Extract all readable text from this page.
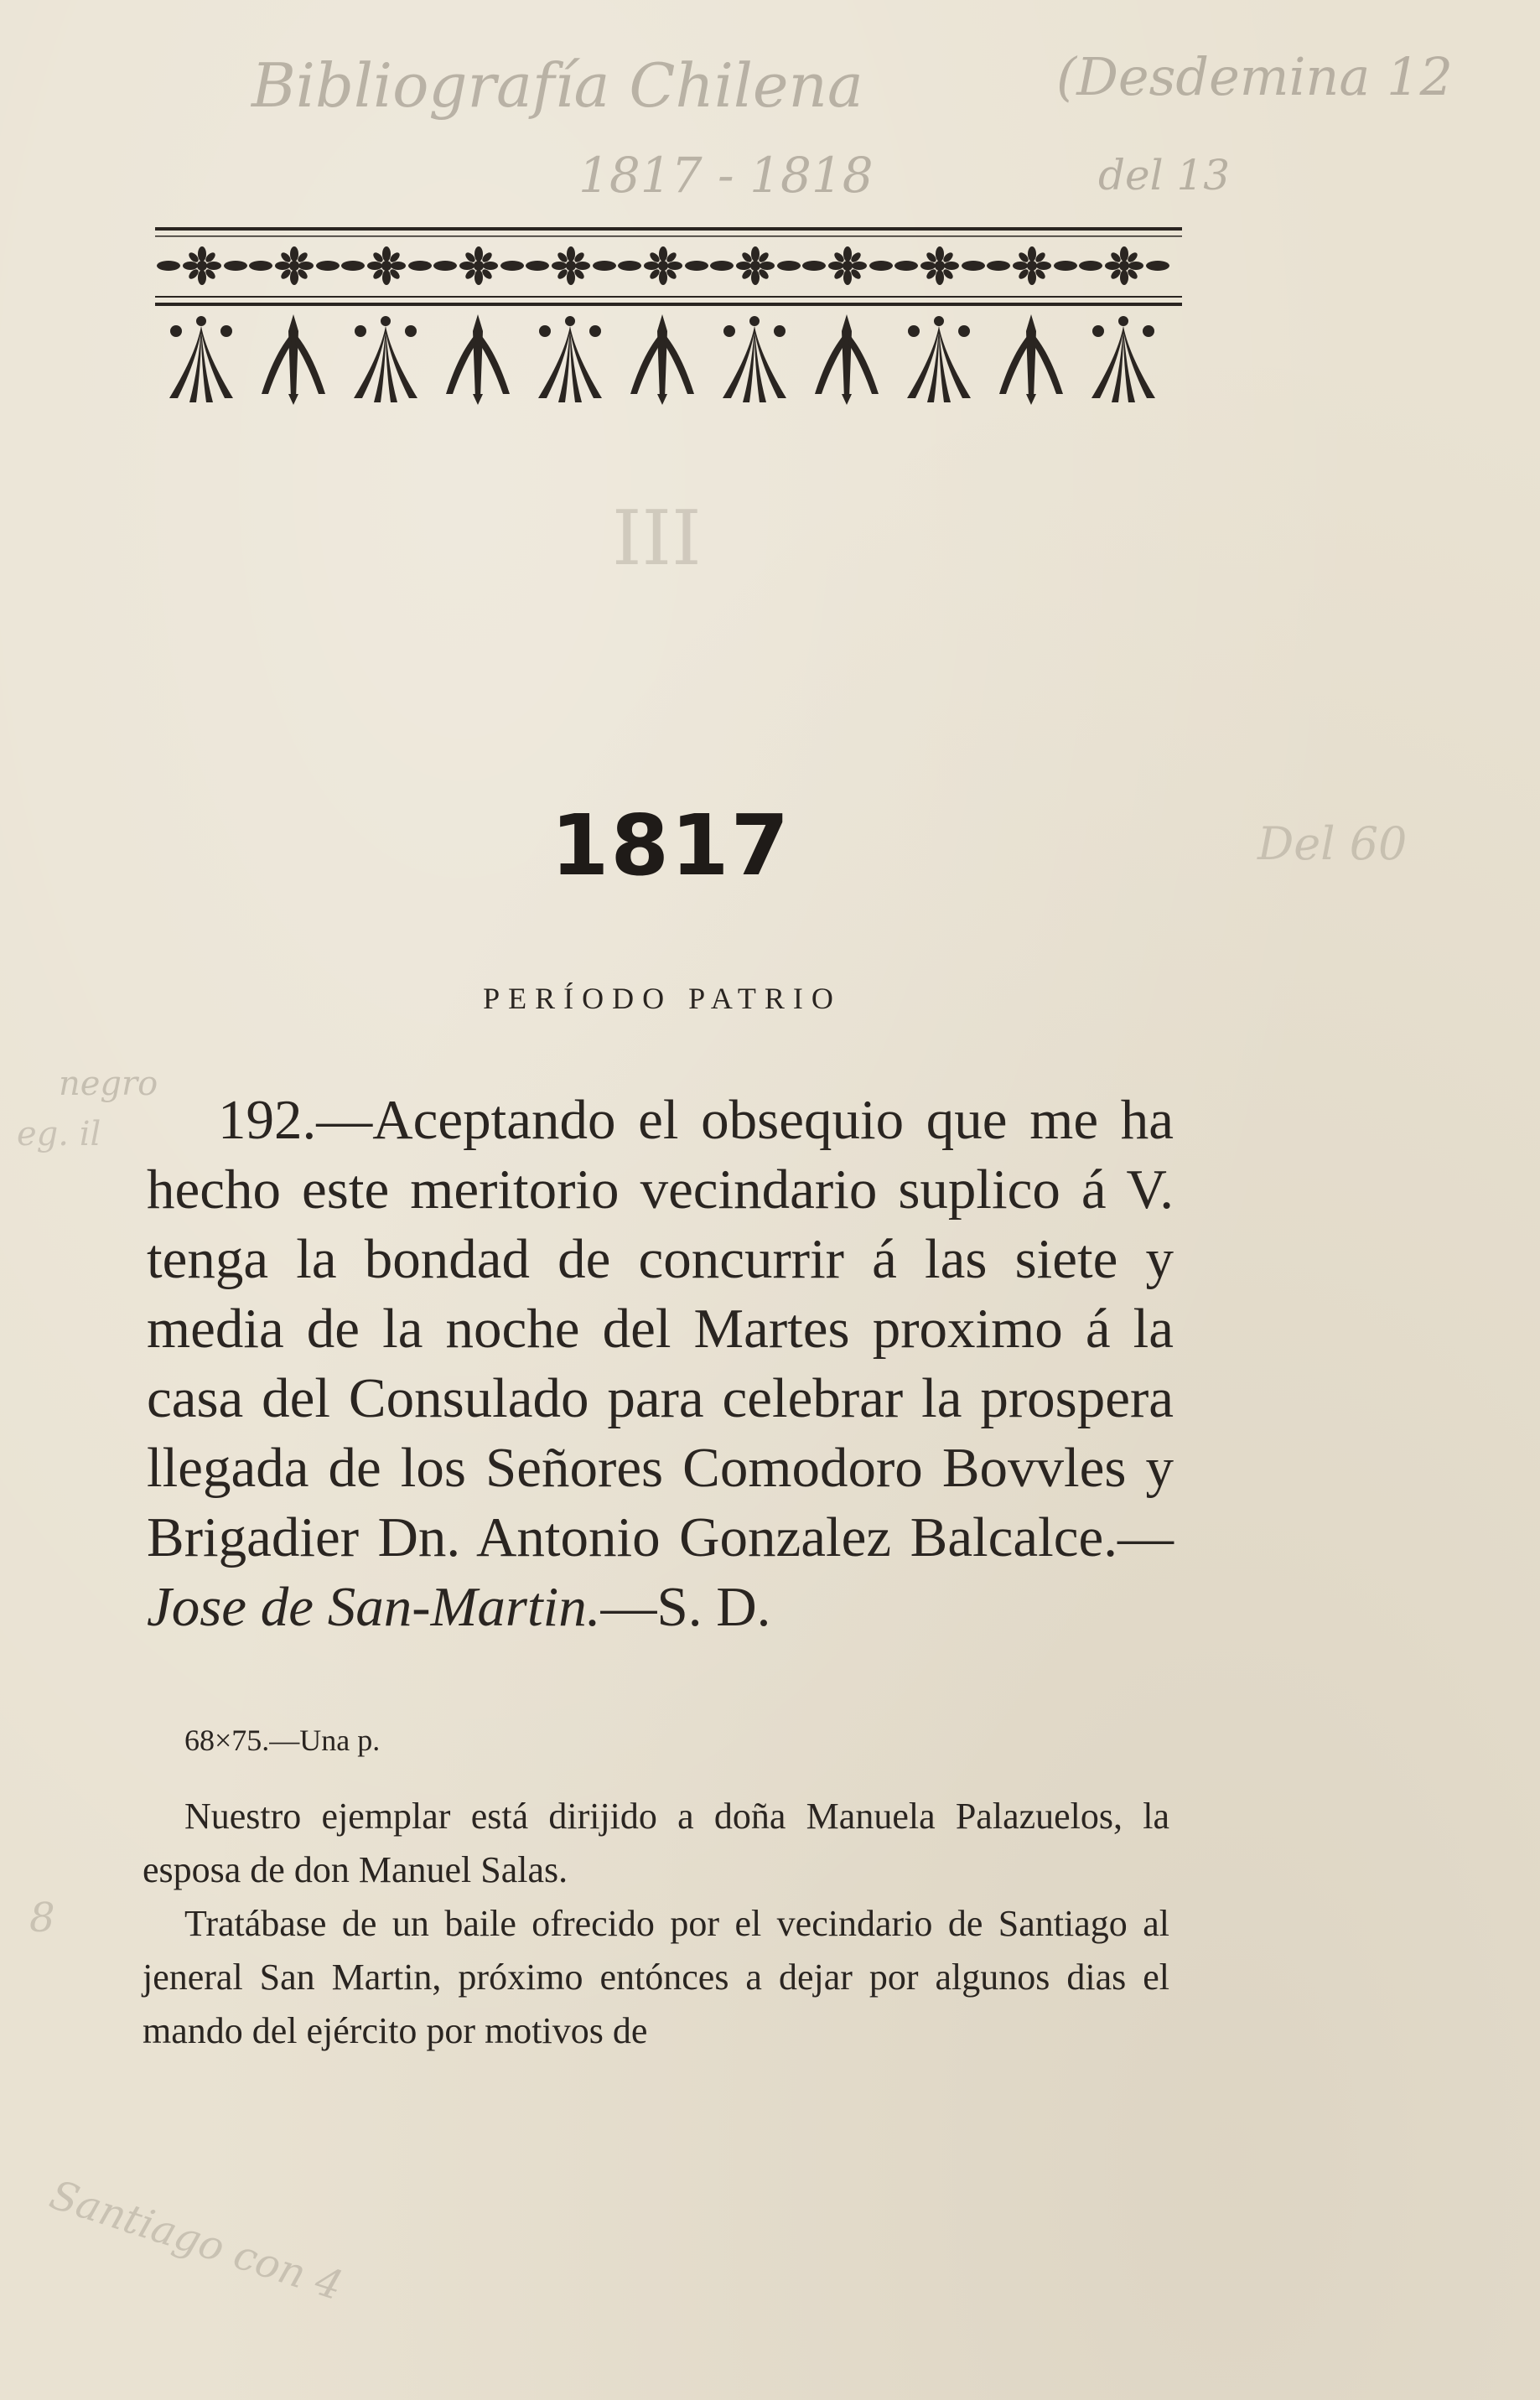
Bibliografía Chilena
1817 - 1818
(Desdemina 12
del 13
III
Del 60
negro
eg. il
8
Santiago con 4
1817
PERÍODO PATRIO
192.—Aceptando el obsequio que me ha hecho este meritorio vecindario suplico á V. tenga la bondad de concurrir á las siete y media de la noche del Martes proximo á la casa del Consulado para celebrar la prospera llegada de los Señores Comodoro Bovvles y Brigadier Dn. Antonio Gonzalez Balcalce.— Jose de San-Martin.—S. D.
68×75.—Una p.

Nuestro ejemplar está dirijido a doña Manuela Palazuelos, la esposa de don Manuel Salas.

Tratábase de un baile ofrecido por el vecindario de Santiago al jeneral San Martin, próximo entónces a dejar por algunos dias el mando del ejército por motivos de
